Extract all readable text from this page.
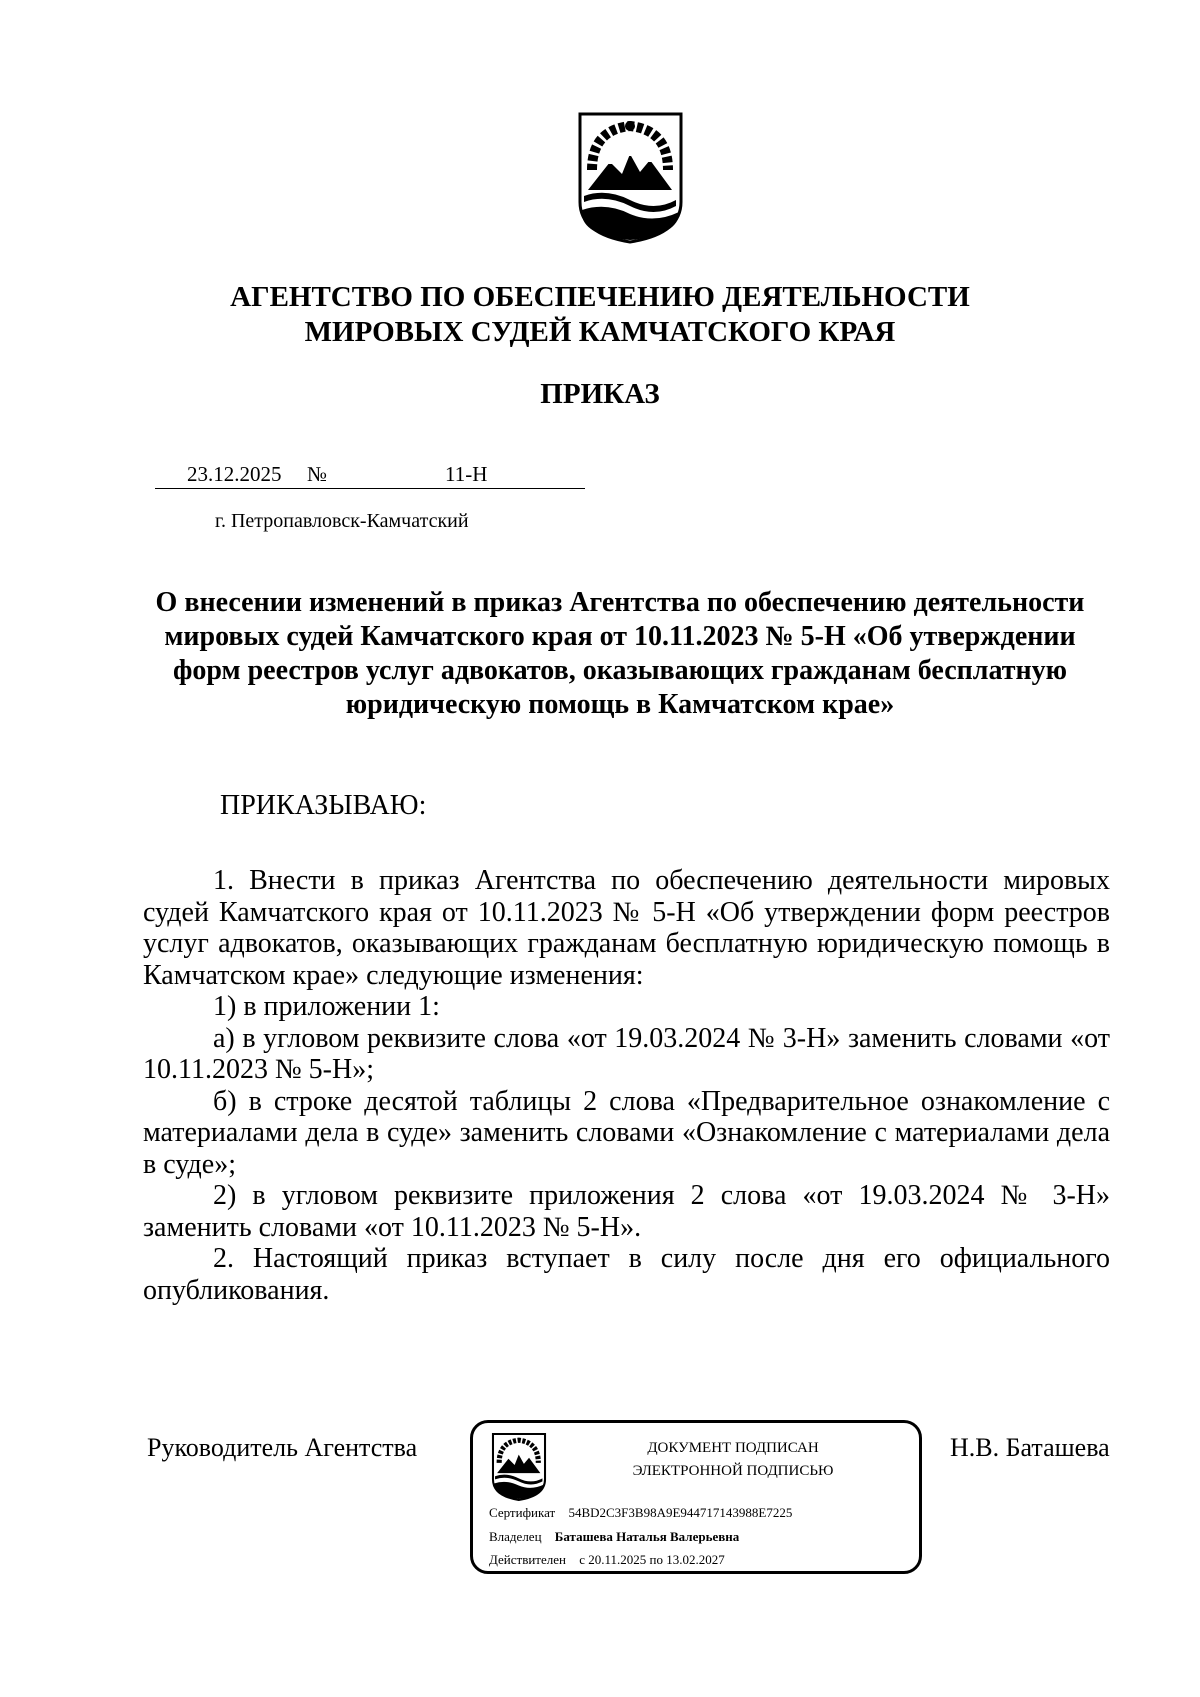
АГЕНТСТВО ПО ОБЕСПЕЧЕНИЮ ДЕЯТЕЛЬНОСТИ
МИРОВЫХ СУДЕЙ КАМЧАТСКОГО КРАЯ
ПРИКАЗ
23.12.2025 №	11-Н
г. Петропавловск-Камчатский
О внесении изменений в приказ Агентства по обеспечению деятельности
мировых судей Камчатского края от 10.11.2023 № 5-Н «Об утверждении
форм реестров услуг адвокатов, оказывающих гражданам бесплатную
юридическую помощь в Камчатском крае»
ПРИКАЗЫВАЮ:

1. Внести в приказ Агентства по обеспечению деятельности мировых судей Камчатского края от 10.11.2023 № 5-Н «Об утверждении форм реестров услуг адвокатов, оказывающих гражданам бесплатную юридическую помощь в Камчатском крае» следующие изменения:

1) в приложении 1:

а) в угловом реквизите слова «от 19.03.2024 № 3-Н» заменить словами «от 10.11.2023 № 5-Н»;

б) в строке десятой таблицы 2 слова «Предварительное ознакомление с материалами дела в суде» заменить словами «Ознакомление с материалами дела в суде»;

2) в угловом реквизите приложения 2 слова «от 19.03.2024 № 3-Н» заменить словами «от 10.11.2023 № 5-Н».

2. Настоящий приказ вступает в силу после дня его официального опубликования.

Руководитель Агентства	Н.В. Баташева
ДОКУМЕНТ ПОДПИСАН
ЭЛЕКТРОННОЙ ПОДПИСЬЮ
Сертификат 54BD2C3F3B98A9E944717143988E7225
Владелец Баташева Наталья Валерьевна
Действителен с 20.11.2025 по 13.02.2027
